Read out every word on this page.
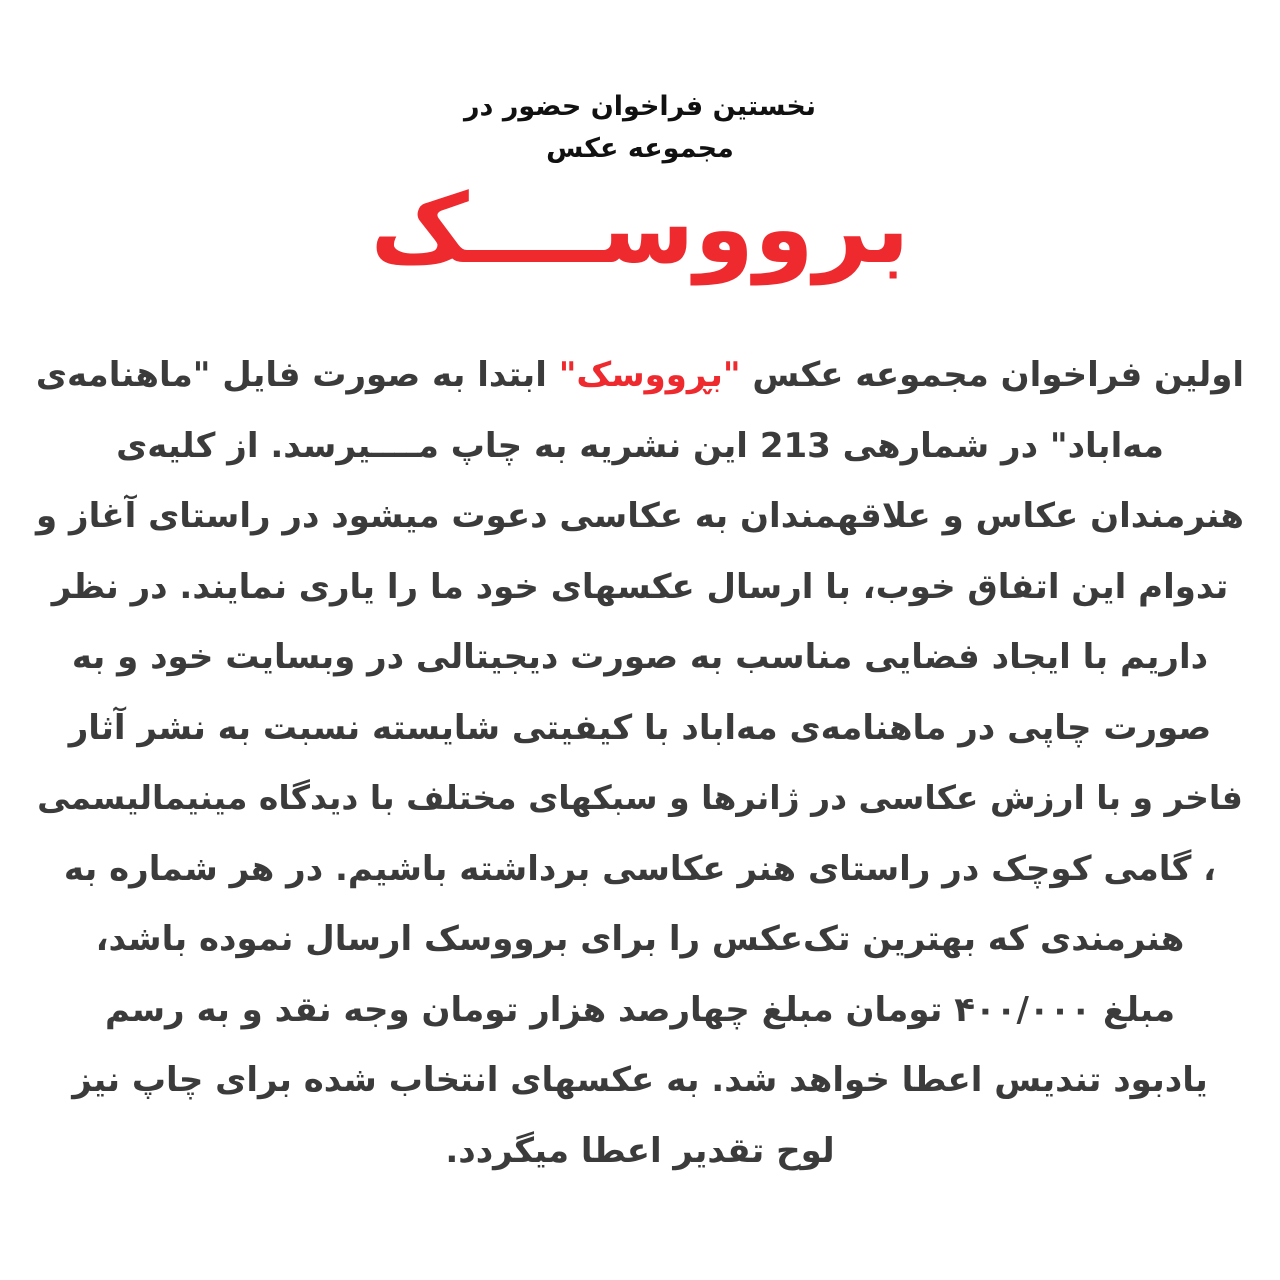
نخستین فراخوان حضور در
مجموعه عکس
برووســــک
اولین فراخوان مجموعه عکس "بڕووسک" ابتدا به صورت فایل "ماهنامه‌ی
مه‌اباد" در شمارهی 213 این نشریه به چاپ مــــیرسد. از کلیه‌ی
هنرمندان عکاس و علاقهمندان به عکاسی دعوت میشود در راستای آغاز و
تدوام این اتفاق خوب، با ارسال عکسهای خود ما را یاری نمایند. در نظر
داریم با ایجاد فضایی مناسب به صورت دیجیتالی در وبسایت خود و به
صورت چاپی در ماهنامه‌ی مه‌اباد با کیفیتی شایسته نسبت به نشر آثار
فاخر و با ارزش عکاسی در ژانرها و سبکهای مختلف با دیدگاه مینیمالیسمی
، گامی کوچک در راستای هنر عکاسی برداشته باشیم. در هر شماره به
هنرمندی که بهترین تک‌عکس را برای برووسک ارسال نموده باشد،
مبلغ ۴۰۰/۰۰۰ تومان مبلغ چهارصد هزار تومان وجه نقد و به رسم
یادبود تندیس اعطا خواهد شد. به عکسهای انتخاب شده برای چاپ نیز
لوح تقدیر اعطا میگردد.
